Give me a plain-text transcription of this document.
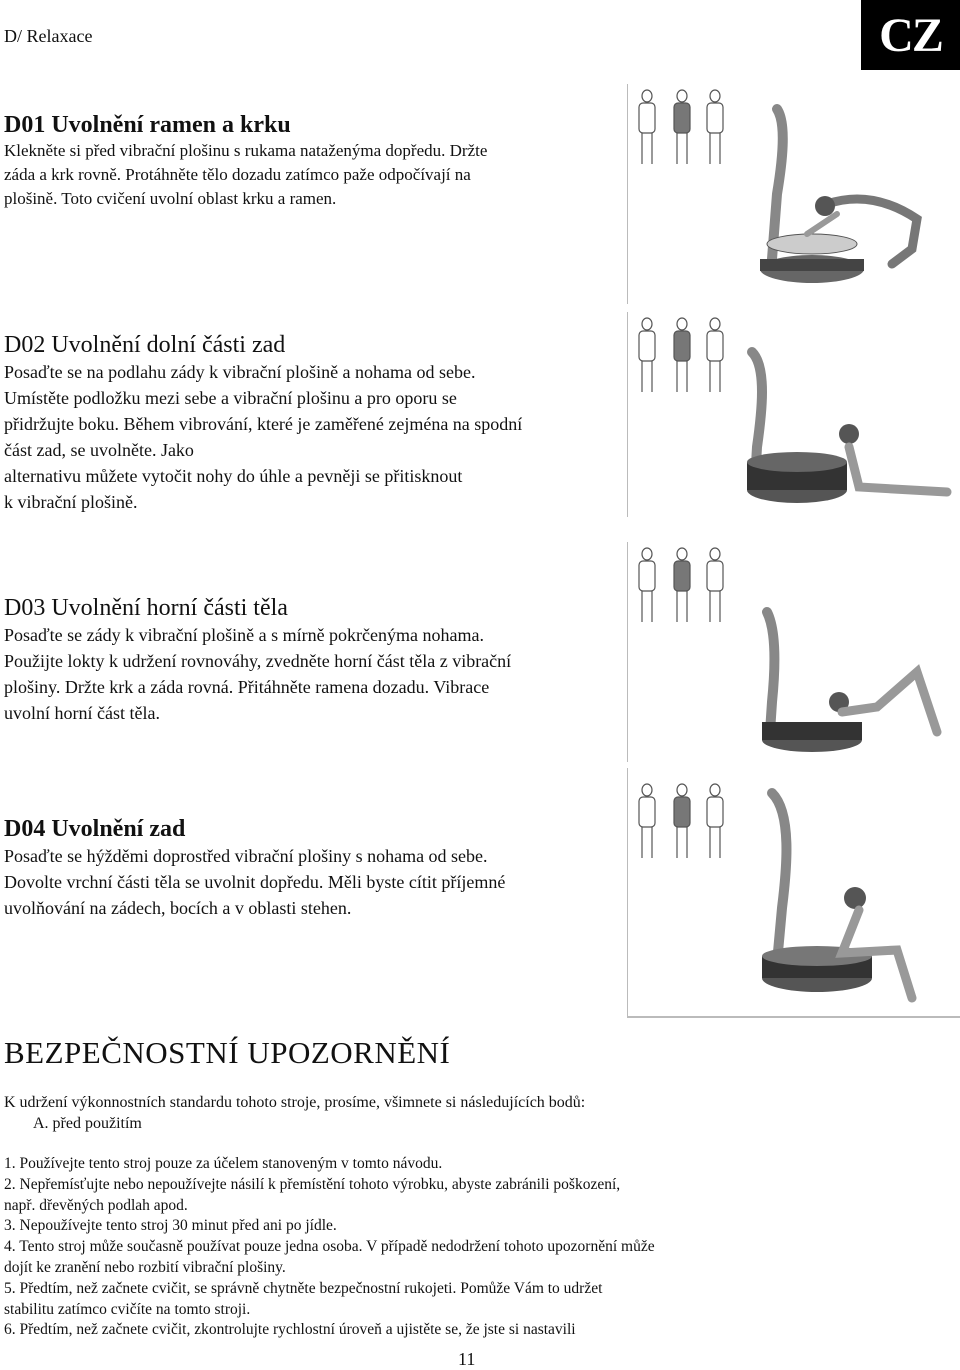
D/ Relaxace	CZ
D01 Uvolnění ramen a krku

Klekněte si před vibrační plošinu s rukama nataženýma dopředu. Držte

záda a krk rovně. Protáhněte tělo dozadu zatímco paže odpočívají na

plošině. Toto cvičení uvolní oblast krku a ramen.

D02 Uvolnění dolní části zad

Posaďte se na podlahu zády k vibrační plošině a nohama od sebe.

Umístěte podložku mezi sebe a vibrační plošinu a pro oporu se

přidržujte boku. Během vibrování, které je zaměřené zejména na spodní

část zad, se uvolněte. Jako

alternativu můžete vytočit nohy do úhle a pevněji se přitisknout

k vibrační plošině.

D03 Uvolnění horní části těla

Posaďte se zády k vibrační plošině a s mírně pokrčenýma nohama.

Použijte lokty k udržení rovnováhy, zvedněte horní část těla z vibrační

plošiny. Držte krk a záda rovná. Přitáhněte ramena dozadu. Vibrace

uvolní horní část těla.

D04 Uvolnění zad

Posaďte se hýžděmi doprostřed vibrační plošiny s nohama od sebe.

Dovolte vrchní části těla se uvolnit dopředu. Měli byste cítit příjemné

uvolňování na zádech, bocích a v oblasti stehen.

BEZPEČNOSTNÍ UPOZORNĚNÍ
K udržení výkonnostních standardu tohoto stroje, prosíme, všimnete si následujících bodů:
A. před použitím

1. Používejte tento stroj pouze za účelem stanoveným v tomto návodu.

2. Nepřemísťujte nebo nepoužívejte násilí k přemístění tohoto výrobku, abyste zabránili poškození,

např. dřevěných podlah apod.

3. Nepoužívejte tento stroj 30 minut před ani po jídle.

4. Tento stroj může současně používat pouze jedna osoba. V případě nedodržení tohoto upozornění může

dojít ke zranění nebo rozbití vibrační plošiny.

5. Předtím, než začnete cvičit, se správně chytněte bezpečnostní rukojeti. Pomůže Vám to udržet

stabilitu zatímco cvičíte na tomto stroji.

6. Předtím, než začnete cvičit, zkontrolujte rychlostní úroveň a ujistěte se, že jste si nastavili

11
